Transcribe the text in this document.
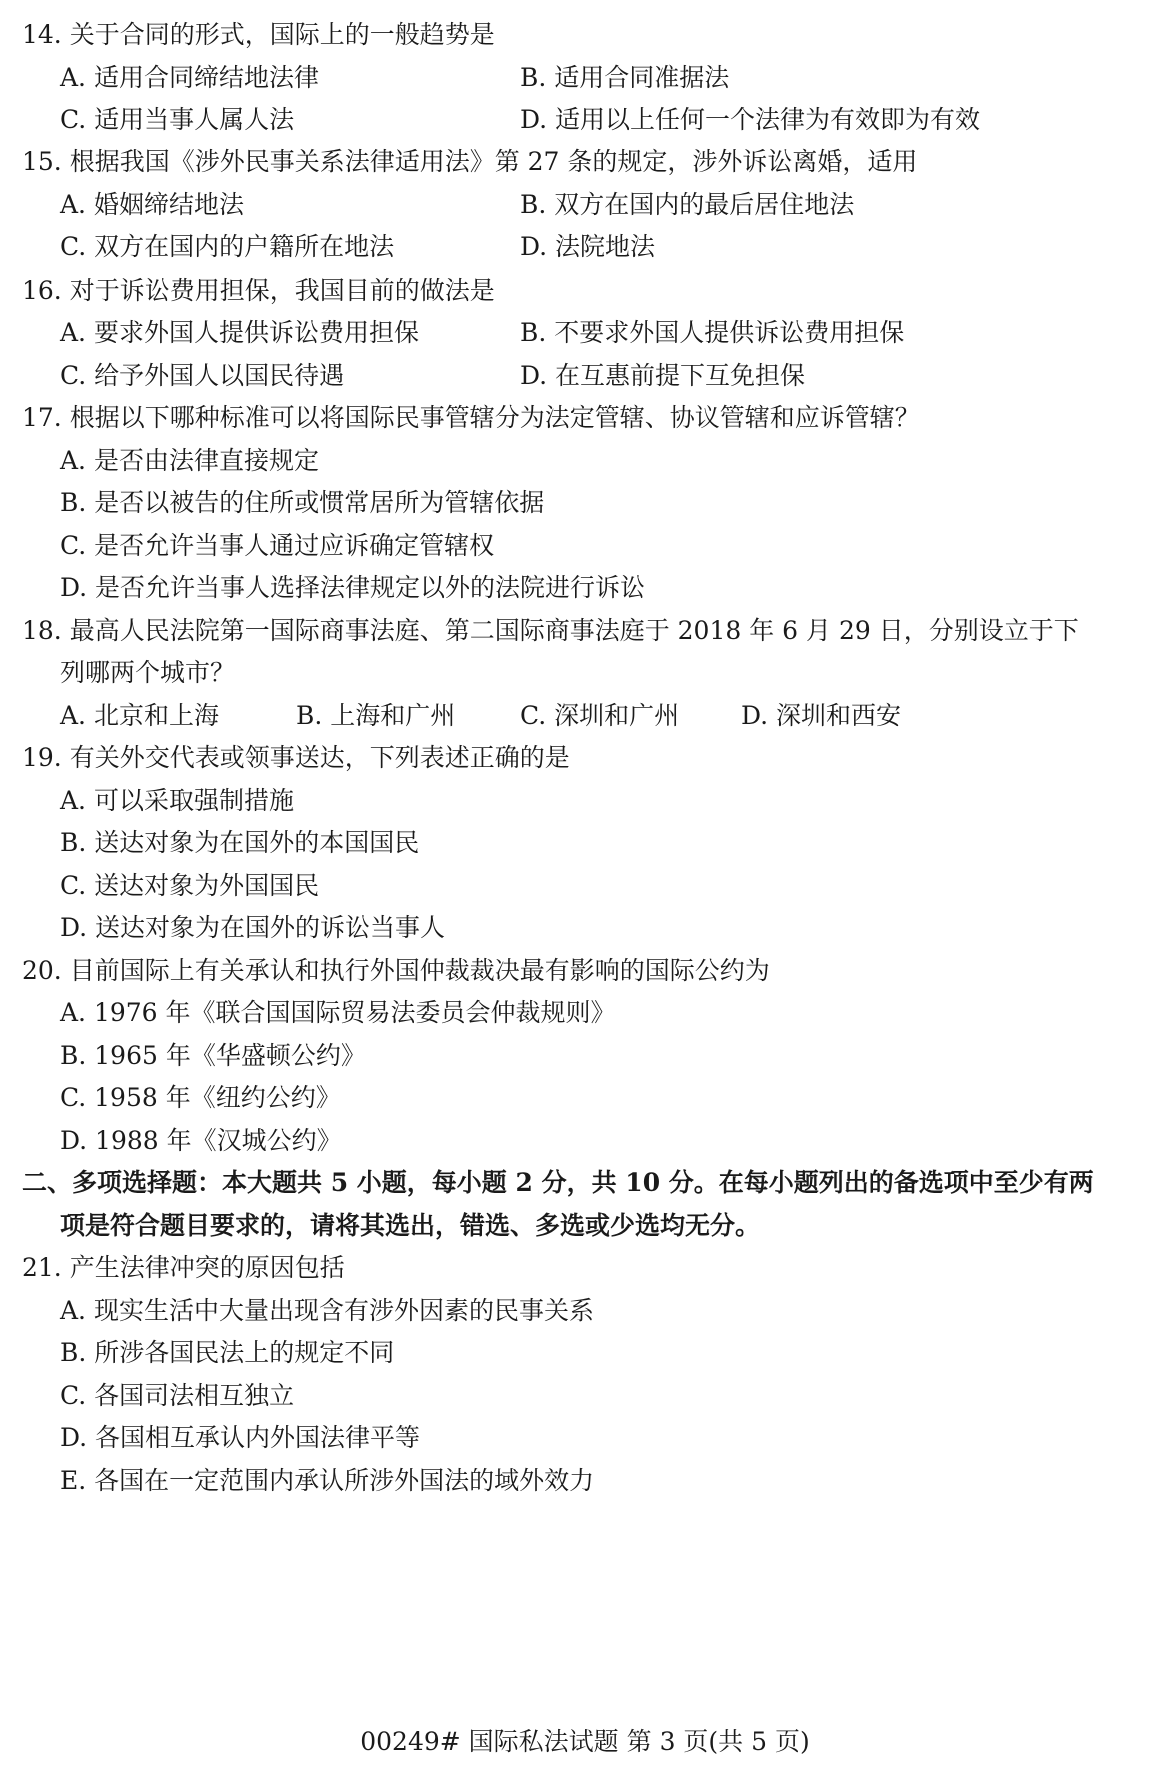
14. 关于合同的形式，国际上的一般趋势是
A. 适用合同缔结地法律	B. 适用合同准据法
C. 适用当事人属人法	D. 适用以上任何一个法律为有效即为有效
15. 根据我国《涉外民事关系法律适用法》第 27 条的规定，涉外诉讼离婚，适用
A. 婚姻缔结地法	B. 双方在国内的最后居住地法
C. 双方在国内的户籍所在地法	D. 法院地法
16. 对于诉讼费用担保，我国目前的做法是
A. 要求外国人提供诉讼费用担保	B. 不要求外国人提供诉讼费用担保
C. 给予外国人以国民待遇	D. 在互惠前提下互免担保
17. 根据以下哪种标准可以将国际民事管辖分为法定管辖、协议管辖和应诉管辖？
A. 是否由法律直接规定
B. 是否以被告的住所或惯常居所为管辖依据
C. 是否允许当事人通过应诉确定管辖权
D. 是否允许当事人选择法律规定以外的法院进行诉讼
18. 最高人民法院第一国际商事法庭、第二国际商事法庭于 2018 年 6 月 29 日，分别设立于下
列哪两个城市？
A. 北京和上海	B. 上海和广州	C. 深圳和广州 D. 深圳和西安
19. 有关外交代表或领事送达，下列表述正确的是
A. 可以采取强制措施
B. 送达对象为在国外的本国国民
C. 送达对象为外国国民
D. 送达对象为在国外的诉讼当事人
20. 目前国际上有关承认和执行外国仲裁裁决最有影响的国际公约为
A. 1976 年《联合国国际贸易法委员会仲裁规则》
B. 1965 年《华盛顿公约》
C. 1958 年《纽约公约》
D. 1988 年《汉城公约》
二、多项选择题：本大题共 5 小题，每小题 2 分，共 10 分。在每小题列出的备选项中至少有两
项是符合题目要求的，请将其选出，错选、多选或少选均无分。
21. 产生法律冲突的原因包括
A. 现实生活中大量出现含有涉外因素的民事关系
B. 所涉各国民法上的规定不同
C. 各国司法相互独立
D. 各国相互承认内外国法律平等
E. 各国在一定范围内承认所涉外国法的域外效力
00249# 国际私法试题 第 3 页(共 5 页)
